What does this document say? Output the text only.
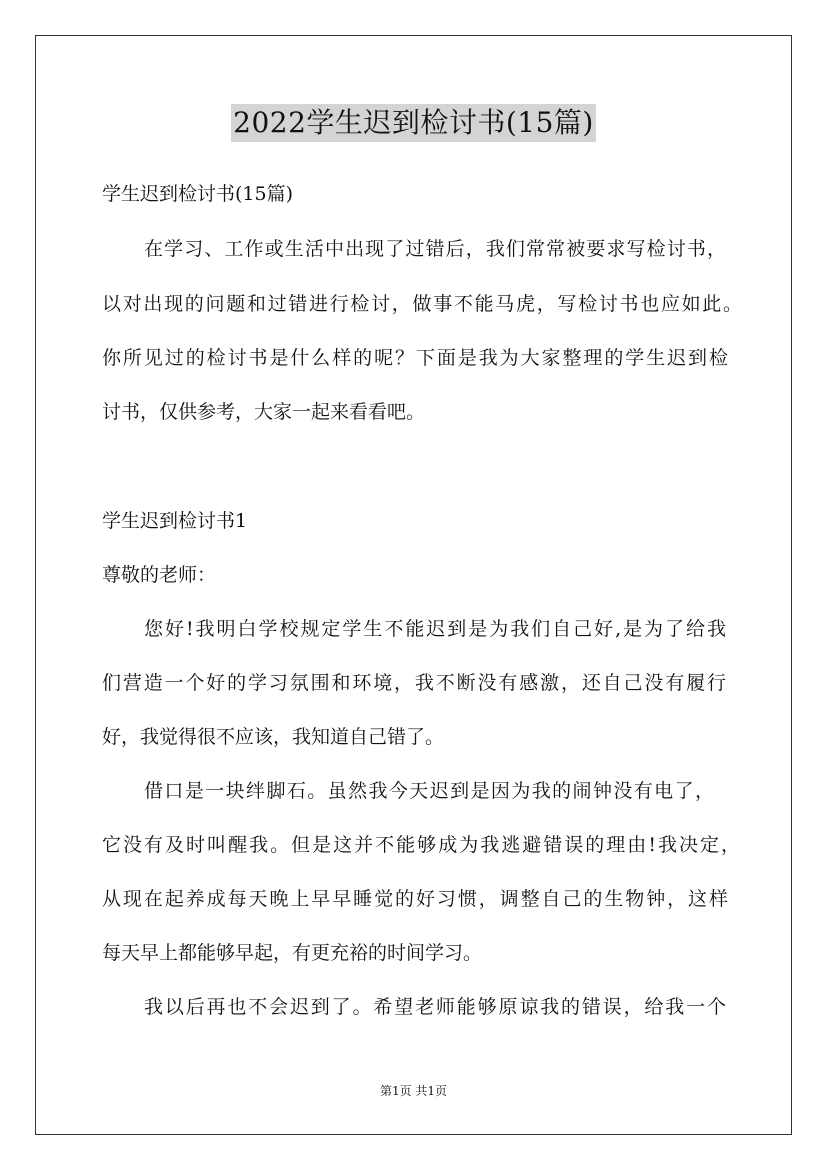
2022学生迟到检讨书(15篇)
学生迟到检讨书(15篇)
在学习、工作或生活中出现了过错后，我们常常被要求写检讨书，
以对出现的问题和过错进行检讨，做事不能马虎，写检讨书也应如此。
你所见过的检讨书是什么样的呢？下面是我为大家整理的学生迟到检
讨书，仅供参考，大家一起来看看吧。
学生迟到检讨书1
尊敬的老师：
您好!我明白学校规定学生不能迟到是为我们自己好,是为了给我
们营造一个好的学习氛围和环境，我不断没有感激，还自己没有履行
好，我觉得很不应该，我知道自己错了。
借口是一块绊脚石。虽然我今天迟到是因为我的闹钟没有电了，
它没有及时叫醒我。但是这并不能够成为我逃避错误的理由!我决定，
从现在起养成每天晚上早早睡觉的好习惯，调整自己的生物钟，这样
每天早上都能够早起，有更充裕的时间学习。
我以后再也不会迟到了。希望老师能够原谅我的错误，给我一个
第1页 共1页
